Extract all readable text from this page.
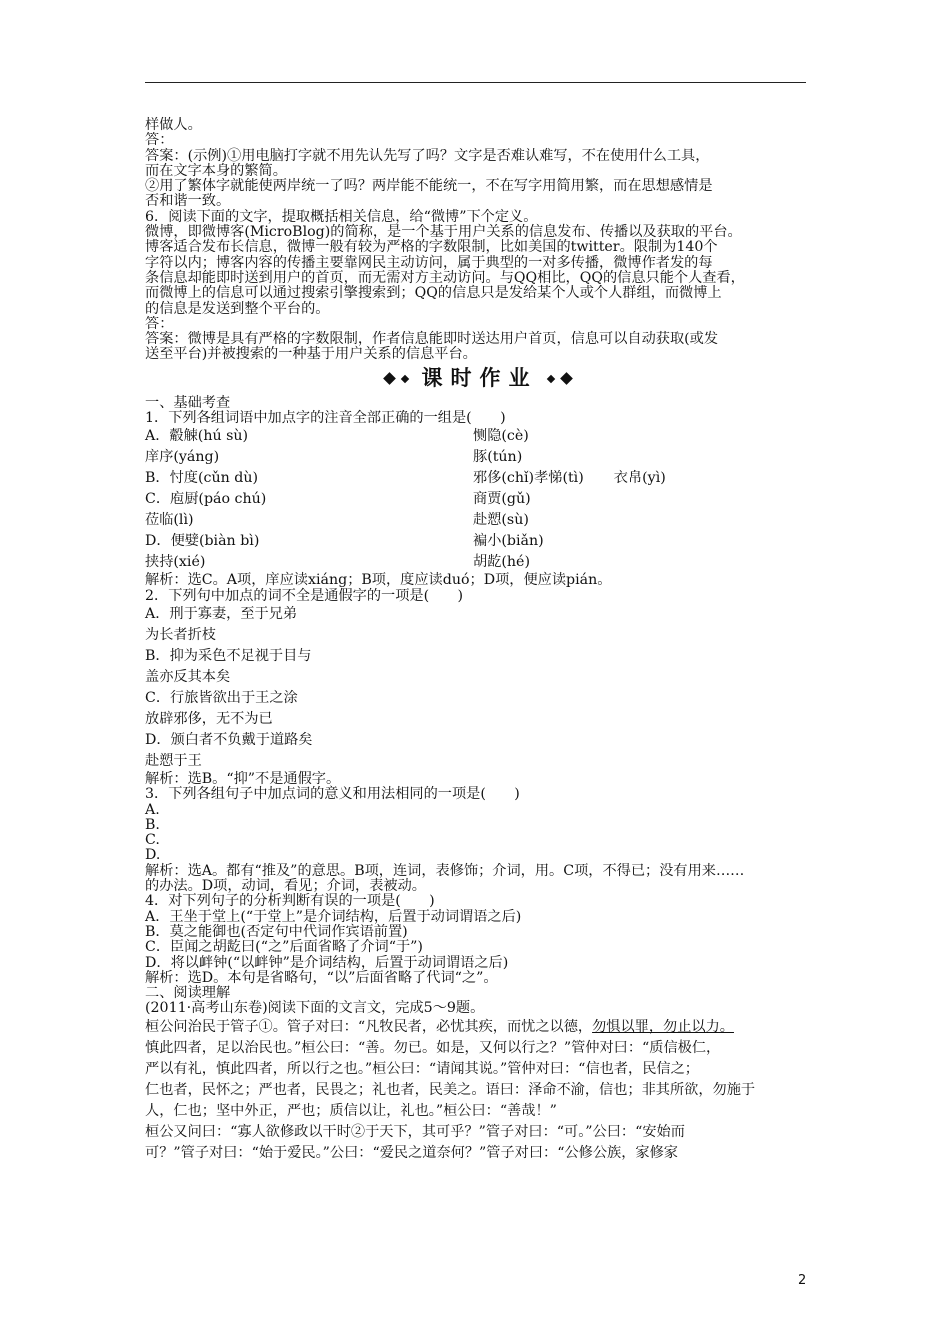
样做人。

答：

答案：(示例)①用电脑打字就不用先认先写了吗？文字是否难认难写，不在使用什么工具，

而在文字本身的繁简。

②用了繁体字就能使两岸统一了吗？两岸能不能统一，不在写字用简用繁，而在思想感情是

否和谐一致。

6．阅读下面的文字，提取概括相关信息，给“微博”下个定义。

微博，即微博客(MicroBlog)的简称，是一个基于用户关系的信息发布、传播以及获取的平台。

博客适合发布长信息，微博一般有较为严格的字数限制，比如美国的twitter。限制为140个

字符以内；博客内容的传播主要靠网民主动访问，属于典型的一对多传播，微博作者发的每

条信息却能即时送到用户的首页，而无需对方主动访问。与QQ相比，QQ的信息只能个人查看，

而微博上的信息可以通过搜索引擎搜索到；QQ的信息只是发给某个人或个人群组，而微博上

的信息是发送到整个平台的。

答：

答案：微博是具有严格的字数限制，作者信息能即时送达用户首页，信息可以自动获取(或发

送至平台)并被搜索的一种基于用户关系的信息平台。

课时作业

一、基础考查

1．下列各组词语中加点字的注音全部正确的一组是(　　)

A．觳觫(hú sù)	恻隐(cè)
庠序(yáng)	豚(tún)
B．忖度(cǔn dù)	邪侈(chǐ)孝悌(tì) 衣帛(yì)
C．庖厨(páo chú)	商贾(gǔ)
莅临(lì)	赴愬(sù)
D．便嬖(biàn bì)	褊小(biǎn)
挟持(xié)	胡龁(hé)

解析：选C。A项，庠应读xiáng；B项，度应读duó；D项，便应读pián。

2．下列句中加点的词不全是通假字的一项是(　　)

A．刑于寡妻，至于兄弟

为长者折枝

B．抑为采色不足视于目与

盖亦反其本矣

C．行旅皆欲出于王之涂

放辟邪侈，无不为已

D．颁白者不负戴于道路矣

赴愬于王

解析：选B。“抑”不是通假字。

3．下列各组句子中加点词的意义和用法相同的一项是(　　)

A.

B.

C.

D.

解析：选A。都有“推及”的意思。B项，连词，表修饰；介词，用。C项，不得已；没有用来……

的办法。D项，动词，看见；介词，表被动。

4．对下列句子的分析判断有误的一项是(　　)

A．王坐于堂上(“于堂上”是介词结构，后置于动词谓语之后)

B．莫之能御也(否定句中代词作宾语前置)

C．臣闻之胡龁曰(“之”后面省略了介词“于”)

D．将以衅钟(“以衅钟”是介词结构，后置于动词谓语之后)

解析：选D。本句是省略句，“以”后面省略了代词“之”。

二、阅读理解

(2011·高考山东卷)阅读下面的文言文，完成5～9题。

桓公问治民于管子①。管子对曰：“凡牧民者，必忧其疾，而忧之以德，勿惧以罪，勿止以力。

慎此四者，足以治民也。”桓公曰：“善。勿已。如是，又何以行之？”管仲对曰：“质信极仁，

严以有礼，慎此四者，所以行之也。”桓公曰：“请闻其说。”管仲对曰：“信也者，民信之；

仁也者，民怀之；严也者，民畏之；礼也者，民美之。语曰：泽命不渝，信也；非其所欲，勿施于

人，仁也；坚中外正，严也；质信以让，礼也。”桓公曰：“善哉！”

桓公又问曰：“寡人欲修政以干时②于天下，其可乎？”管子对曰：“可。”公曰：“安始而

可？”管子对曰：“始于爱民。”公曰：“爱民之道奈何？”管子对曰：“公修公族，家修家

2
